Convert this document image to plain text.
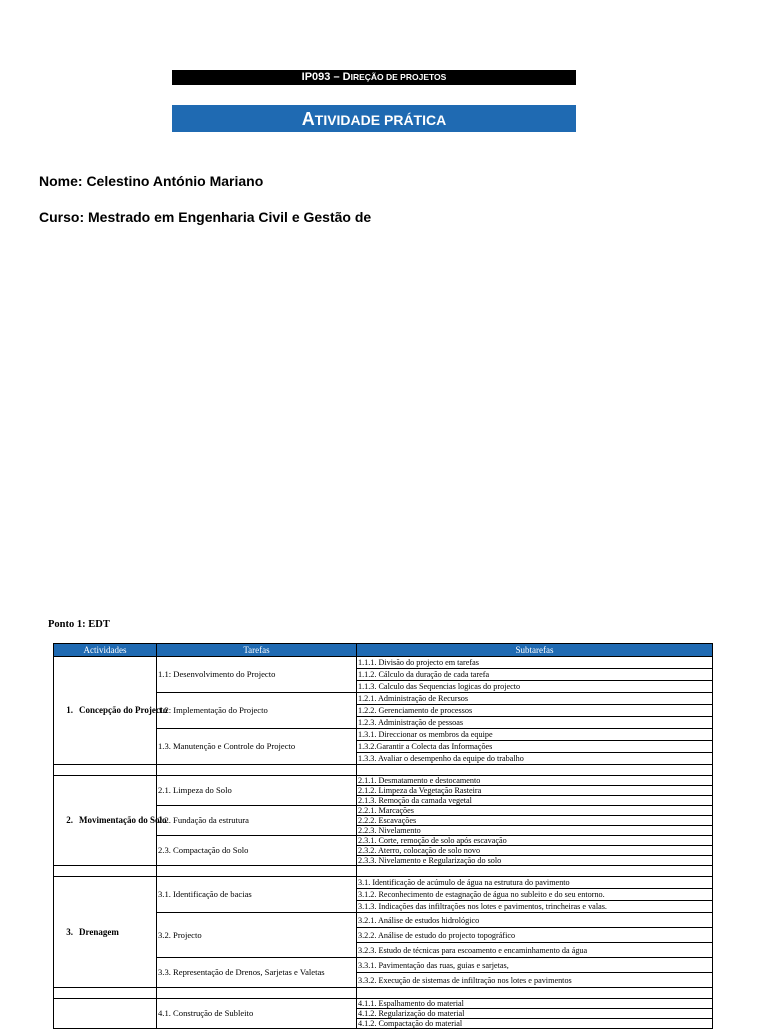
IP093 – DIREÇÃO DE PROJETOS
ATIVIDADE PRÁTICA
Nome: Celestino António Mariano
Curso: Mestrado em Engenharia Civil e Gestão de
Ponto 1: EDT
Actividades	Tarefas	Subtarefas
1. Concepção do Projecto	1.1: Desenvolvimento do Projecto	1.1.1. Divisão do projecto em tarefas
		1.1.2. Cálculo da duração de cada tarefa
		1.1.3. Calculo das Sequencias logicas do projecto
	1.2: Implementação do Projecto	1.2.1. Administração de Recursos
		1.2.2. Gerenciamento de processos
		1.2.3. Administração de pessoas
	1.3. Manutenção e Controle do Projecto	1.3.1. Direccionar os membros da equipe
		1.3.2.Garantir a Colecta das Informações
		1.3.3. Avaliar o desempenho da equipe do trabalho

2. Movimentação do Solo	2.1. Limpeza do Solo	2.1.1. Desmatamento e destocamento
		2.1.2. Limpeza da Vegetação Rasteira
		2.1.3. Remoção da camada vegetal
	2.2. Fundação da estrutura	2.2.1. Marcações
		2.2.2. Escavações
		2.2.3. Nivelamento
	2.3. Compactação do Solo	2.3.1. Corte, remoção de solo após escavação
		2.3.2. Aterro, colocação de solo novo
		2.3.3. Nivelamento e Regularização do solo

3. Drenagem	3.1. Identificação de bacias	3.1. Identificação de acúmulo de água na estrutura do pavimento
		3.1.2. Reconhecimento de estagnação de água no subleito e do seu entorno.
		3.1.3. Indicações das infiltrações nos lotes e pavimentos, trincheiras e valas.
	3.2. Projecto	3.2.1. Análise de estudos hidrológico
		3.2.2. Análise de estudo do projecto topográfico
		3.2.3. Estudo de técnicas para escoamento e encaminhamento da água
	3.3. Representação de Drenos, Sarjetas e Valetas	3.3.1. Pavimentação das ruas, guias e sarjetas,
		3.3.2. Execução de sistemas de infiltração nos lotes e pavimentos

	4.1. Construção de Subleito	4.1.1. Espalhamento do material
		4.1.2. Regularização do material
		4.1.2. Compactação do material
